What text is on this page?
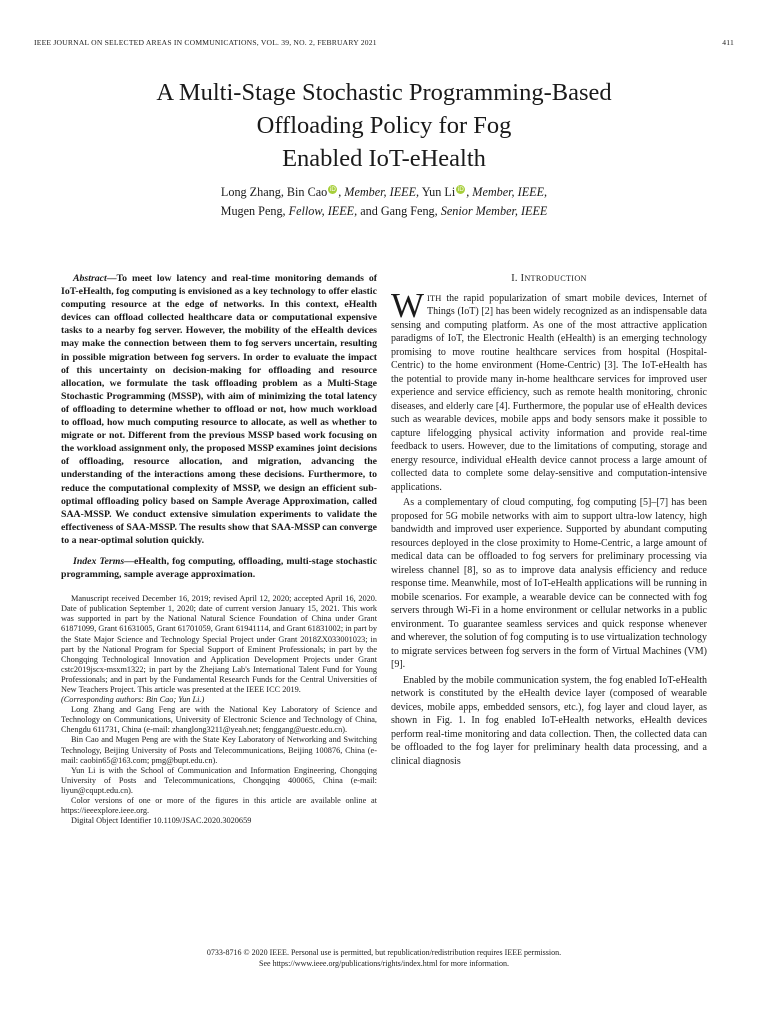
IEEE JOURNAL ON SELECTED AREAS IN COMMUNICATIONS, VOL. 39, NO. 2, FEBRUARY 2021	411
A Multi-Stage Stochastic Programming-Based
Offloading Policy for Fog
Enabled IoT-eHealth
Long Zhang, Bin Cao iD , Member, IEEE, Yun Li iD , Member, IEEE,
Mugen Peng, Fellow, IEEE, and Gang Feng, Senior Member, IEEE

Abstract—To meet low latency and real-time monitoring demands of IoT-eHealth, fog computing is envisioned as a key technology to offer elastic computing resource at the edge of networks. In this context, eHealth devices can offload collected healthcare data or computational expensive tasks to a nearby fog server. However, the mobility of the eHealth devices may make the connection between them to fog servers uncertain, resulting in possible migration between fog servers. In order to evaluate the impact of this uncertainty on decision-making for offloading and resource allocation, we formulate the task offloading problem as a Multi-Stage Stochastic Programming (MSSP), with aim of minimizing the total latency of offloading to determine whether to offload or not, how much workload to offload, how much computing resource to allocate, as well as whether to migrate or not. Different from the previous MSSP based work focusing on the workload assignment only, the proposed MSSP examines joint decisions of offloading, resource allocation, and migration, advancing the understanding of the interactions among these decisions. Furthermore, to reduce the computational complexity of MSSP, we design an efficient sub-optimal offloading policy based on Sample Average Approximation, called SAA-MSSP. We conduct extensive simulation experiments to validate the effectiveness of SAA-MSSP. The results show that SAA-MSSP can converge to a near-optimal solution quickly.

Index Terms—eHealth, fog computing, offloading, multi-stage stochastic programming, sample average approximation.

Manuscript received December 16, 2019; revised April 12, 2020; accepted April 16, 2020. Date of publication September 1, 2020; date of current version January 15, 2021. This work was supported in part by the National Natural Science Foundation of China under Grant 61871099, Grant 61631005, Grant 61701059, Grant 61941114, and Grant 61831002; in part by the State Major Science and Technology Special Project under Grant 2018ZX033001023; in part by the National Program for Special Support of Eminent Professionals; in part by the Chongqing Technological Innovation and Application Development Projects under Grant cstc2019jscx-msxm1322; in part by the Zhejiang Lab's International Talent Fund for Young Professionals; and in part by the Fundamental Research Funds for the Central Universities of New Teachers Project. This article was presented at the IEEE ICC 2019.

(Corresponding authors: Bin Cao; Yun Li.)

Long Zhang and Gang Feng are with the National Key Laboratory of Science and Technology on Communications, University of Electronic Science and Technology of China, Chengdu 611731, China (e-mail: zhanglong3211@yeah.net; fenggang@uestc.edu.cn).

Bin Cao and Mugen Peng are with the State Key Laboratory of Networking and Switching Technology, Beijing University of Posts and Telecommunications, Beijing 100876, China (e-mail: caobin65@163.com; pmg@bupt.edu.cn).

Yun Li is with the School of Communication and Information Engineering, Chongqing University of Posts and Telecommunications, Chongqing 400065, China (e-mail: liyun@cqupt.edu.cn).

Color versions of one or more of the figures in this article are available online at https://ieeexplore.ieee.org.

Digital Object Identifier 10.1109/JSAC.2020.3020659

I. INTRODUCTION

WITH the rapid popularization of smart mobile devices, Internet of Things (IoT) [2] has been widely recognized as an indispensable data sensing and computing platform. As one of the most attractive application paradigms of IoT, the Electronic Health (eHealth) is an emerging technology promising to move routine healthcare services from hospital (Hospital-Centric) to the home environment (Home-Centric) [3]. The IoT-eHealth has the potential to provide many in-home healthcare services for improved user experience and service efficiency, such as remote health monitoring, chronic diseases, and elderly care [4]. Furthermore, the popular use of eHealth devices such as wearable devices, mobile apps and body sensors make it possible to capture lifelogging physical activity information and provide real-time feedback to users. However, due to the limitations of computing, storage and energy resource, individual eHealth device cannot process a large amount of collected data to complete some delay-sensitive and computation-intensive applications.

As a complementary of cloud computing, fog computing [5]–[7] has been proposed for 5G mobile networks with aim to support ultra-low latency, high bandwidth and improved user experience. Supported by abundant computing resources deployed in the close proximity to Home-Centric, a large amount of medical data can be offloaded to fog servers for preliminary processing via wireless channel [8], so as to improve data analysis efficiency and reduce response time. Meanwhile, most of IoT-eHealth applications will be running in mobile scenarios. For example, a wearable device can be connected with fog servers through Wi-Fi in a home environment or cellular networks in a public environment. To guarantee seamless services and quick response whenever and wherever, the solution of fog computing is to use virtualization technology to migrate services between fog servers in the form of Virtual Machines (VM) [9].

Enabled by the mobile communication system, the fog enabled IoT-eHealth network is constituted by the eHealth device layer (composed of wearable devices, mobile apps, embedded sensors, etc.), fog layer and cloud layer, as shown in Fig. 1. In fog enabled IoT-eHealth networks, eHealth devices perform real-time monitoring and data collection. Then, the collected data can be offloaded to the fog layer for preliminary health data processing, and a clinical diagnosis

0733-8716 © 2020 IEEE. Personal use is permitted, but republication/redistribution requires IEEE permission.
See https://www.ieee.org/publications/rights/index.html for more information.
